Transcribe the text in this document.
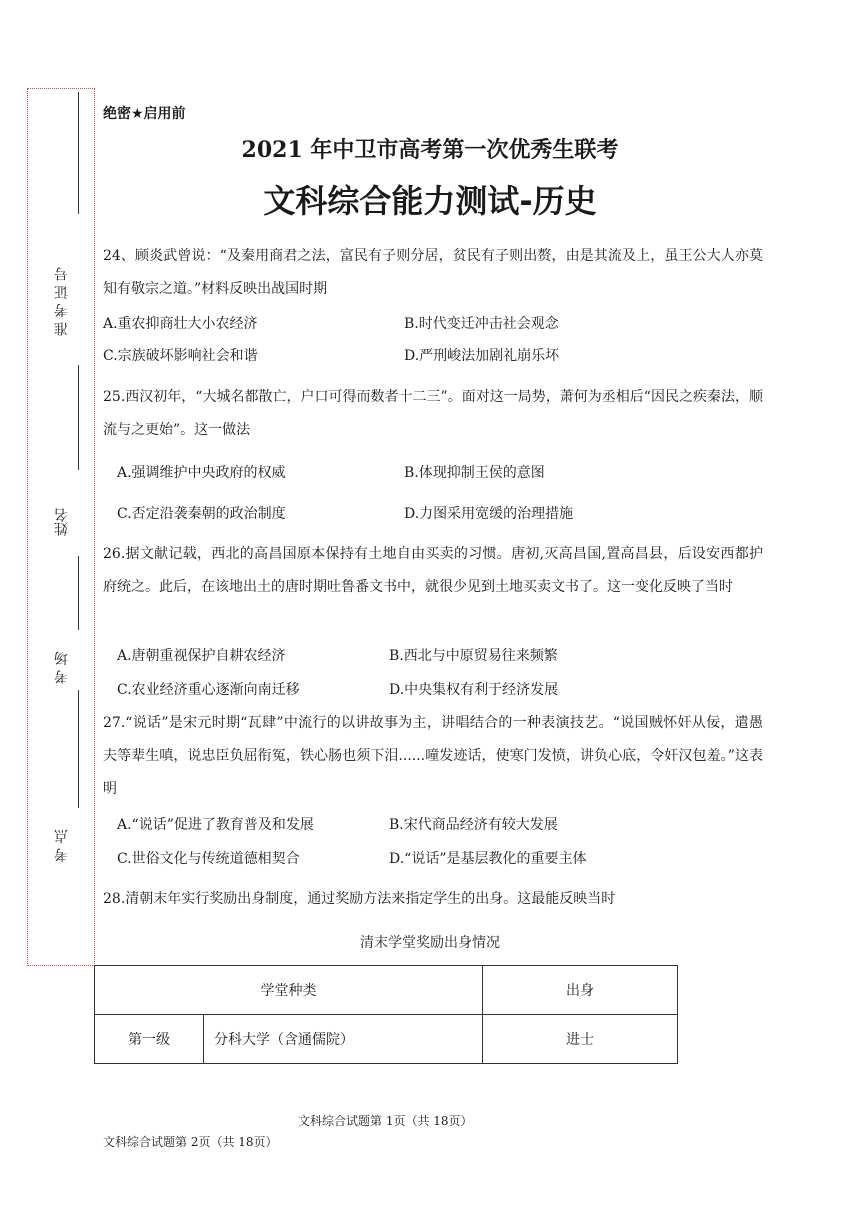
准 考 证 号
姓名
考 场
考 点
绝密★启用前
2021 年中卫市高考第一次优秀生联考
文科综合能力测试-历史
24、顾炎武曾说：“及秦用商君之法，富民有子则分居，贫民有子则出赘，由是其流及上，虽王公大人亦莫知有敬宗之道。”材料反映出战国时期
A.重农抑商壮大小农经济	B.时代变迁冲击社会观念
C.宗族破坏影响社会和谐	D.严刑峻法加剧礼崩乐坏
25.西汉初年，“大城名都散亡，户口可得而数者十二三”。面对这一局势，萧何为丞相后“因民之疾秦法，顺流与之更始”。这一做法
A.强调维护中央政府的权威	B.体现抑制王侯的意图
C.否定沿袭秦朝的政治制度	D.力图采用宽缓的治理措施
26.据文献记载，西北的高昌国原本保持有土地自由买卖的习惯。唐初,灭高昌国,置高昌县，后设安西都护府统之。此后，在该地出土的唐时期吐鲁番文书中，就很少见到土地买卖文书了。这一变化反映了当时
A.唐朝重视保护自耕农经济	B.西北与中原贸易往来频繁
C.农业经济重心逐渐向南迁移	D.中央集权有利于经济发展
27.“说话”是宋元时期“瓦肆”中流行的以讲故事为主，讲唱结合的一种表演技艺。“说国贼怀奸从佞，遣愚夫等辈生嗔，说忠臣负屈衔冤，铁心肠也须下泪......噇发迹话，使寒门发愤，讲负心底，令奸汉包羞。”这表明
A.“说话”促进了教育普及和发展	B.宋代商品经济有较大发展
C.世俗文化与传统道德相契合	D.“说话”是基层教化的重要主体
28.清朝末年实行奖励出身制度，通过奖励方法来指定学生的出身。这最能反映当时
清末学堂奖励出身情况
学堂种类		出身
第一级	分科大学（含通儒院）	进士
文科综合试题第 1页（共 18页）
文科综合试题第 2页（共 18页）
